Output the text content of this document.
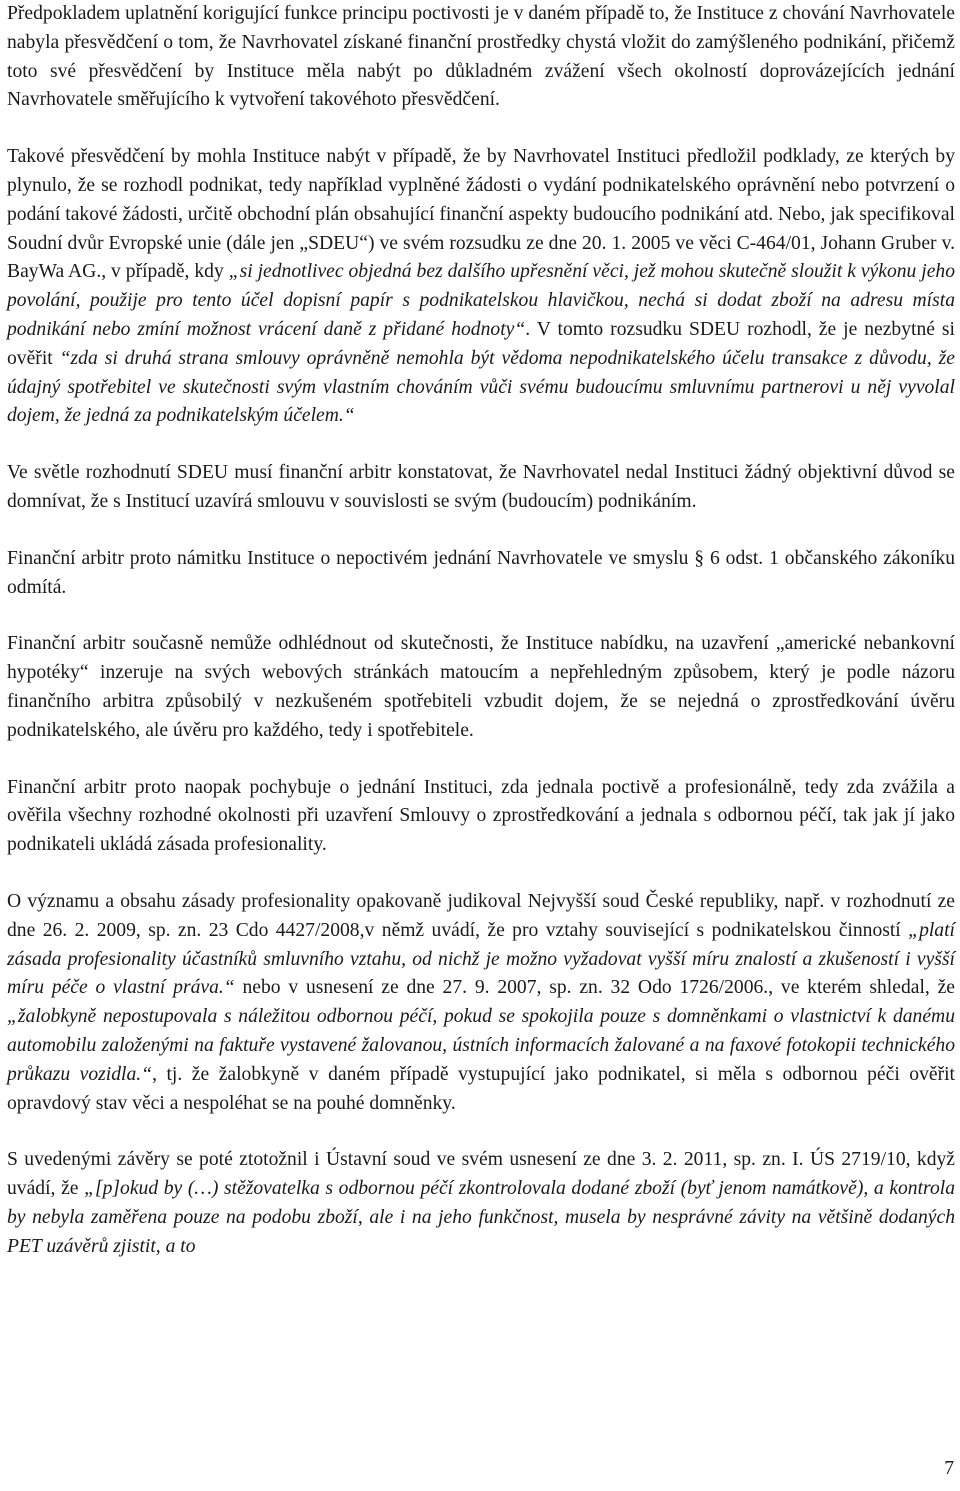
Předpokladem uplatnění korigující funkce principu poctivosti je v daném případě to, že Instituce z chování Navrhovatele nabyla přesvědčení o tom, že Navrhovatel získané finanční prostředky chystá vložit do zamýšleného podnikání, přičemž toto své přesvědčení by Instituce měla nabýt po důkladném zvážení všech okolností doprovázejících jednání Navrhovatele směřujícího k vytvoření takovéhoto přesvědčení.

Takové přesvědčení by mohla Instituce nabýt v případě, že by Navrhovatel Instituci předložil podklady, ze kterých by plynulo, že se rozhodl podnikat, tedy například vyplněné žádosti o vydání podnikatelského oprávnění nebo potvrzení o podání takové žádosti, určitě obchodní plán obsahující finanční aspekty budoucího podnikání atd. Nebo, jak specifikoval Soudní dvůr Evropské unie (dále jen „SDEU“) ve svém rozsudku ze dne 20. 1. 2005 ve věci C-464/01, Johann Gruber v. BayWa AG., v případě, kdy „si jednotlivec objedná bez dalšího upřesnění věci, jež mohou skutečně sloužit k výkonu jeho povolání, použije pro tento účel dopisní papír s podnikatelskou hlavičkou, nechá si dodat zboží na adresu místa podnikání nebo zmíní možnost vrácení daně z přidané hodnoty“. V tomto rozsudku SDEU rozhodl, že je nezbytné si ověřit “zda si druhá strana smlouvy oprávněně nemohla být vědoma nepodnikatelského účelu transakce z důvodu, že údajný spotřebitel ve skutečnosti svým vlastním chováním vůči svému budoucímu smluvnímu partnerovi u něj vyvolal dojem, že jedná za podnikatelským účelem.“

Ve světle rozhodnutí SDEU musí finanční arbitr konstatovat, že Navrhovatel nedal Instituci žádný objektivní důvod se domnívat, že s Institucí uzavírá smlouvu v souvislosti se svým (budoucím) podnikáním.

Finanční arbitr proto námitku Instituce o nepoctivém jednání Navrhovatele ve smyslu § 6 odst. 1 občanského zákoníku odmítá.

Finanční arbitr současně nemůže odhlédnout od skutečnosti, že Instituce nabídku, na uzavření „americké nebankovní hypotéky“ inzeruje na svých webových stránkách matoucím a nepřehledným způsobem, který je podle názoru finančního arbitra způsobilý v nezkušeném spotřebiteli vzbudit dojem, že se nejedná o zprostředkování úvěru podnikatelského, ale úvěru pro každého, tedy i spotřebitele.

Finanční arbitr proto naopak pochybuje o jednání Instituci, zda jednala poctivě a profesionálně, tedy zda zvážila a ověřila všechny rozhodné okolnosti při uzavření Smlouvy o zprostředkování a jednala s odbornou péčí, tak jak jí jako podnikateli ukládá zásada profesionality.

O významu a obsahu zásady profesionality opakovaně judikoval Nejvyšší soud České republiky, např. v rozhodnutí ze dne 26. 2. 2009, sp. zn. 23 Cdo 4427/2008,v němž uvádí, že pro vztahy související s podnikatelskou činností „platí zásada profesionality účastníků smluvního vztahu, od nichž je možno vyžadovat vyšší míru znalostí a zkušeností i vyšší míru péče o vlastní práva.“ nebo v usnesení ze dne 27. 9. 2007, sp. zn. 32 Odo 1726/2006., ve kterém shledal, že „žalobkyně nepostupovala s náležitou odbornou péčí, pokud se spokojila pouze s domněnkami o vlastnictví k danému automobilu založenými na faktuře vystavené žalovanou, ústních informacích žalované a na faxové fotokopii technického průkazu vozidla.“, tj. že žalobkyně v daném případě vystupující jako podnikatel, si měla s odbornou péči ověřit opravdový stav věci a nespoléhat se na pouhé domněnky.

S uvedenými závěry se poté ztotožnil i Ústavní soud ve svém usnesení ze dne 3. 2. 2011, sp. zn. I. ÚS 2719/10, když uvádí, že „[p]okud by (…) stěžovatelka s odbornou péčí zkontrolovala dodané zboží (byť jenom namátkově), a kontrola by nebyla zaměřena pouze na podobu zboží, ale i na jeho funkčnost, musela by nesprávné závity na většině dodaných PET uzávěrů zjistit, a to

7
